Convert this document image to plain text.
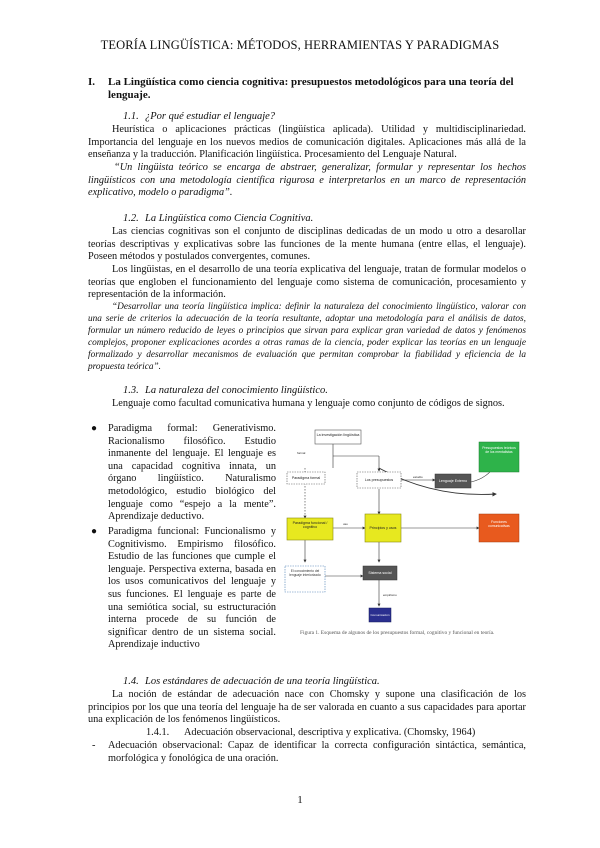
TEORÍA LINGÜÍSTICA: MÉTODOS, HERRAMIENTAS Y PARADIGMAS
I. La Lingüística como ciencia cognitiva: presupuestos metodológicos para una teoría del lenguaje.
1.1. ¿Por qué estudiar el lenguaje?
Heurística o aplicaciones prácticas (lingüística aplicada). Utilidad y multidisciplinariedad. Importancia del lenguaje en los nuevos medios de comunicación digitales. Aplicaciones más allá de la enseñanza y la traducción. Planificación lingüística. Procesamiento del Lenguaje Natural.
“Un lingüista teórico se encarga de abstraer, generalizar, formular y representar los hechos lingüísticos con una metodología científica rigurosa e interpretarlos en un marco de representación explicativo, modelo o paradigma”.
1.2. La Lingüística como Ciencia Cognitiva.
Las ciencias cognitivas son el conjunto de disciplinas dedicadas de un modo u otro a desarollar teorías descriptivas y explicativas sobre las funciones de la mente humana (entre ellas, el lenguaje). Poseen métodos y postulados convergentes, comunes.
Los lingüistas, en el desarrollo de una teoría explicativa del lenguaje, tratan de formular modelos o teorías que engloben el funcionamiento del lenguaje como sistema de comunicación, procesamiento y representación de la información.
“Desarrollar una teoría lingüística implica: definir la naturaleza del conocimiento lingüístico, valorar con una serie de criterios la adecuación de la teoría resultante, adoptar una metodología para el análisis de datos, formular un número reducido de leyes o principios que sirvan para explicar gran variedad de datos y fenómenos complejos, proponer explicaciones acordes a otras ramas de la ciencia, poder explicar las teorías en un lenguaje formalizado y desarrollar mecanismos de evaluación que permitan comprobar la fiabilidad y eficiencia de la propuesta teórica”.
1.3. La naturaleza del conocimiento lingüístico.
Lenguaje como facultad comunicativa humana y lenguaje como conjunto de códigos de signos.
● Paradigma formal: Generativismo. Racionalismo filosófico. Estudio inmanente del lenguaje. El lenguaje es una capacidad cognitiva innata, un órgano lingüístico. Naturalismo metodológico, estudio biológico del lenguaje como “espejo a la mente”. Aprendizaje deductivo.
● Paradigma funcional: Funcionalismo y Cognitivismo. Empirismo filosófico. Estudio de las funciones que cumple el lenguaje. Perspectiva externa, basada en los usos comunicativos del lenguaje y sus funciones. El lenguaje es parte de una semiótica social, su estructuración interna procede de su función de significar dentro de un sistema social. Aprendizaje inductivo
La investigación lingüística
Paradigma formal	Los presupuestos	Lenguaje Externo
Presupuestos teóricos de los mentalistas
Paradigma funcional / cognitivo	Principios y usos
Funciones comunicativas
El conocimiento del lenguaje interiorizado	Sistema social
Comunicación
formal
estudio
uso
empirismo
Figura 1. Esquema de algunos de los presupuestos formal, cognitivo y funcional en teoría.
1.4. Los estándares de adecuación de una teoría lingüística.
La noción de estándar de adecuación nace con Chomsky y supone una clasificación de los principios por los que una teoría del lenguaje ha de ser valorada en cuanto a sus capacidades para aportar una explicación de los fenómenos lingüísticos.
1.4.1. Adecuación observacional, descriptiva y explicativa. (Chomsky, 1964)
- Adecuación observacional: Capaz de identificar la correcta configuración sintáctica, semántica, morfológica y fonológica de una oración.
1
